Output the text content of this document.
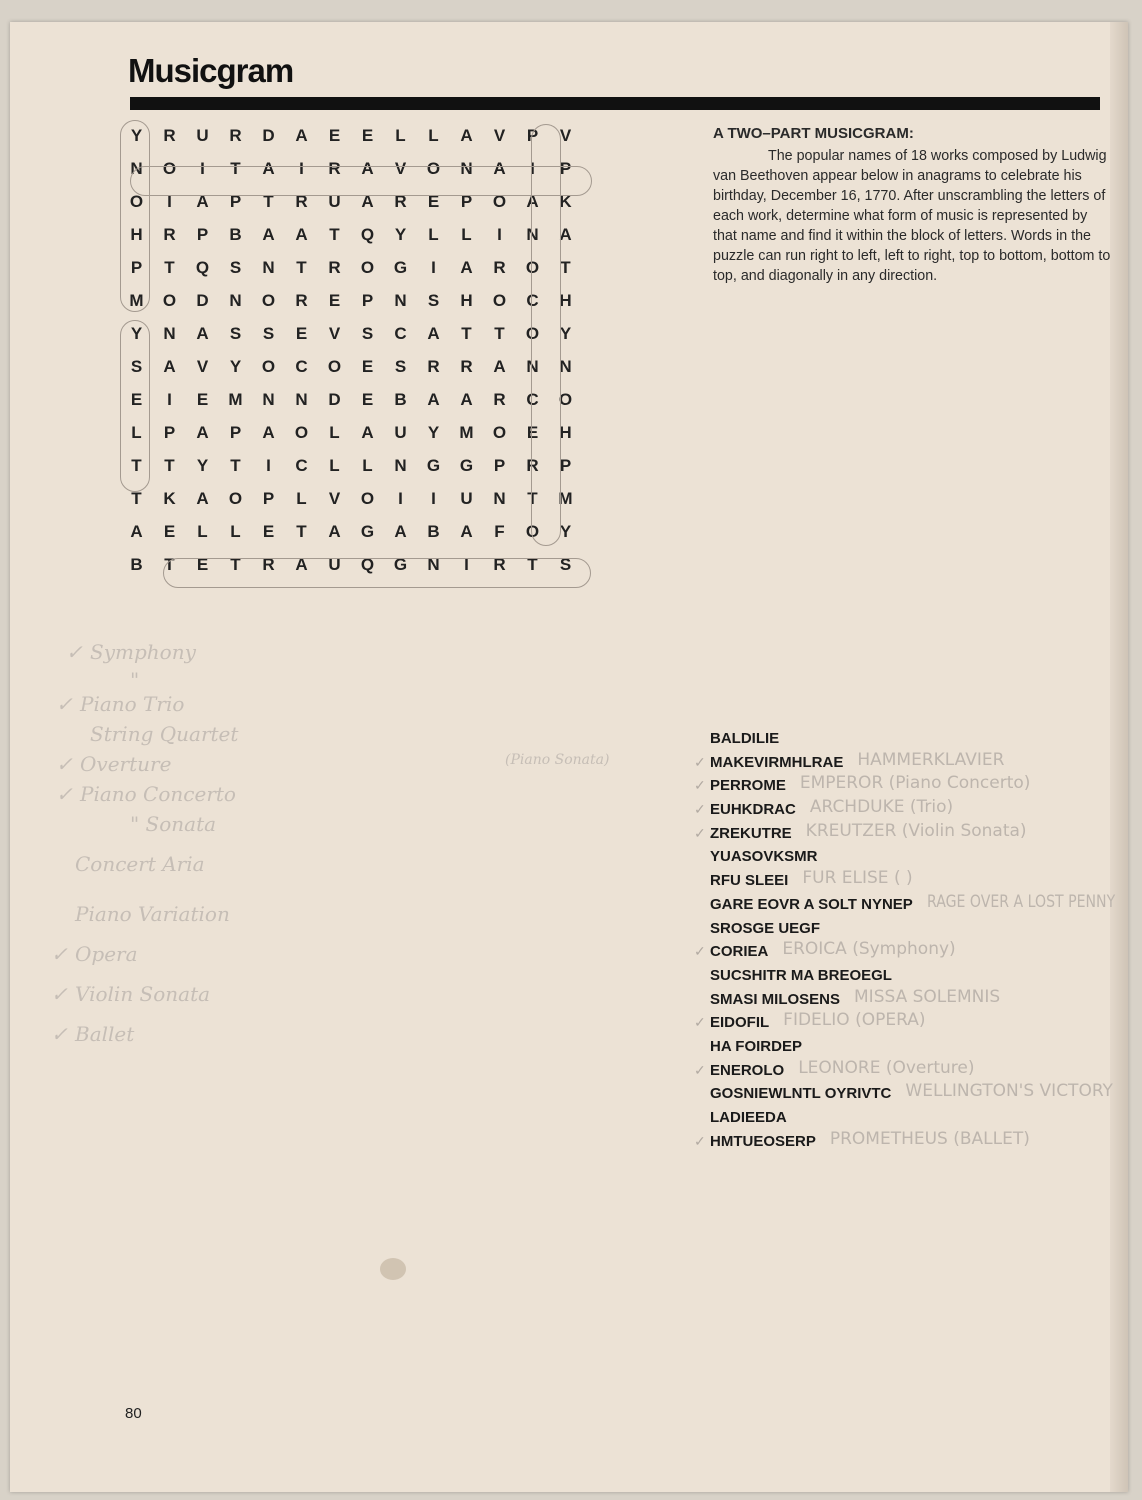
Musicgram
Y	R	U	R	D	A	E	E	L	L	A	V	P	V
N	O	I	T	A	I	R	A	V	O	N	A	I	P
O	I	A	P	T	R	U	A	R	E	P	O	A	K
H	R	P	B	A	A	T	Q	Y	L	L	I	N	A
P	T	Q	S	N	T	R	O	G	I	A	R	O	T
M	O	D	N	O	R	E	P	N	S	H	O	C	H
Y	N	A	S	S	E	V	S	C	A	T	T	O	Y
S	A	V	Y	O	C	O	E	S	R	R	A	N	N
E	I	E	M	N	N	D	E	B	A	A	R	C	O
L	P	A	P	A	O	L	A	U	Y	M	O	E	H
T	T	Y	T	I	C	L	L	N	G	G	P	R	P
T	K	A	O	P	L	V	O	I	I	U	N	T	M
A	E	L	L	E	T	A	G	A	B	A	F	O	Y
B	T	E	T	R	A	U	Q	G	N	I	R	T	S
A TWO–PART MUSICGRAM:

The popular names of 18 works composed by Ludwig van Beethoven appear below in anagrams to celebrate his birthday, December 16, 1770. After unscrambling the letters of each work, determine what form of music is represented by that name and find it within the block of letters. Words in the puzzle can run right to left, left to right, top to bottom, bottom to top, and diagonally in any direction.

(Piano Sonata)
Symphony
✓
"
Piano Trio
✓
String Quartet
Overture
✓
Piano Concerto
✓
" Sonata
Concert Aria
Piano Variation
Opera
✓
Violin Sonata
✓
Ballet
✓
BALDILIE
✓ MAKEVIRMHLRAE HAMMERKLAVIER
✓ PERROME EMPEROR (Piano Concerto)
✓ EUHKDRAC ARCHDUKE (Trio)
✓ ZREKUTRE KREUTZER (Violin Sonata)
YUASOVKSMR
RFU SLEEI FUR ELISE ( )
GARE EOVR A SOLT NYNEP RAGE OVER A LOST PENNY
SROSGE UEGF
✓ CORIEA EROICA (Symphony)
SUCSHITR MA BREOEGL
SMASI MILOSENS MISSA SOLEMNIS
✓ EIDOFIL FIDELIO (OPERA)
HA FOIRDEP
✓ ENEROLO LEONORE (Overture)
GOSNIEWLNTL OYRIVTC WELLINGTON'S VICTORY
LADIEEDA
✓ HMTUEOSERP PROMETHEUS (BALLET)
80
